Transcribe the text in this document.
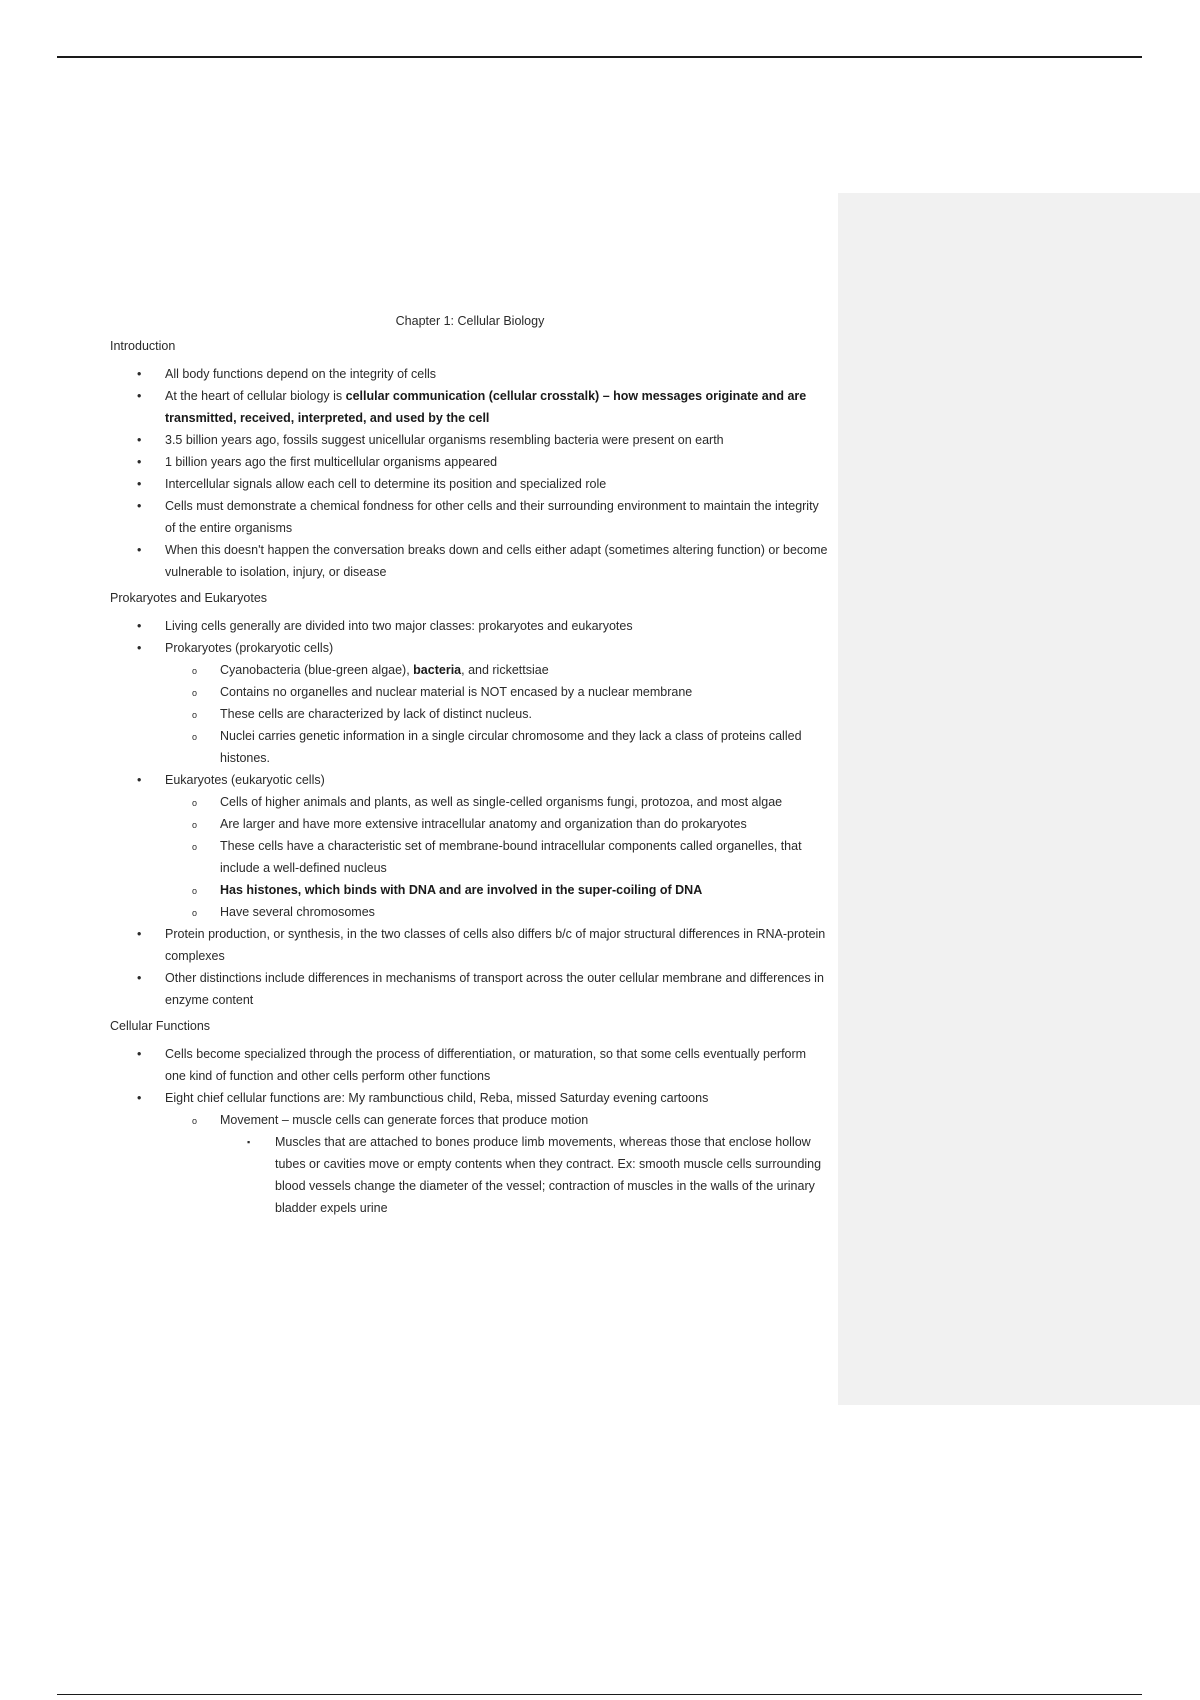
Chapter 1: Cellular Biology
Introduction
• All body functions depend on the integrity of cells
• At the heart of cellular biology is cellular communication (cellular crosstalk) – how messages originate and are transmitted, received, interpreted, and used by the cell
• 3.5 billion years ago, fossils suggest unicellular organisms resembling bacteria were present on earth
• 1 billion years ago the first multicellular organisms appeared
• Intercellular signals allow each cell to determine its position and specialized role
• Cells must demonstrate a chemical fondness for other cells and their surrounding environment to maintain the integrity of the entire organisms
• When this doesn't happen the conversation breaks down and cells either adapt (sometimes altering function) or become vulnerable to isolation, injury, or disease
Prokaryotes and Eukaryotes
• Living cells generally are divided into two major classes: prokaryotes and eukaryotes
• Prokaryotes (prokaryotic cells)
o Cyanobacteria (blue-green algae), bacteria, and rickettsiae
o Contains no organelles and nuclear material is NOT encased by a nuclear membrane
o These cells are characterized by lack of distinct nucleus.
o Nuclei carries genetic information in a single circular chromosome and they lack a class of proteins called histones.
• Eukaryotes (eukaryotic cells)
o Cells of higher animals and plants, as well as single-celled organisms fungi, protozoa, and most algae
o Are larger and have more extensive intracellular anatomy and organization than do prokaryotes
o These cells have a characteristic set of membrane-bound intracellular components called organelles, that include a well-defined nucleus
o Has histones, which binds with DNA and are involved in the super-coiling of DNA
o Have several chromosomes
• Protein production, or synthesis, in the two classes of cells also differs b/c of major structural differences in RNA-protein complexes
• Other distinctions include differences in mechanisms of transport across the outer cellular membrane and differences in enzyme content
Cellular Functions
• Cells become specialized through the process of differentiation, or maturation, so that some cells eventually perform one kind of function and other cells perform other functions
• Eight chief cellular functions are: My rambunctious child, Reba, missed Saturday evening cartoons
o Movement – muscle cells can generate forces that produce motion
▪ Muscles that are attached to bones produce limb movements, whereas those that enclose hollow tubes or cavities move or empty contents when they contract. Ex: smooth muscle cells surrounding blood vessels change the diameter of the vessel; contraction of muscles in the walls of the urinary bladder expels urine
